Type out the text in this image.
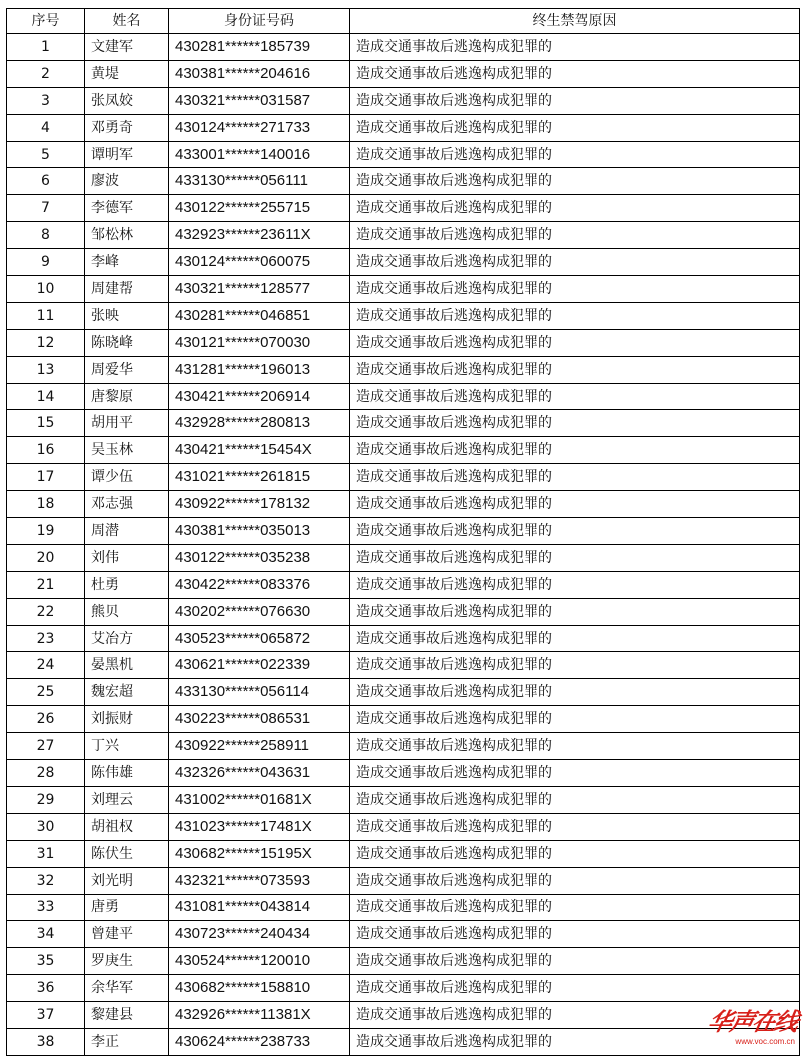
序号	姓名	身份证号码	终生禁驾原因
1	文建军	430281******185739	造成交通事故后逃逸构成犯罪的
2	黄堤	430381******204616	造成交通事故后逃逸构成犯罪的
3	张凤姣	430321******031587	造成交通事故后逃逸构成犯罪的
4	邓勇奇	430124******271733	造成交通事故后逃逸构成犯罪的
5	谭明军	433001******140016	造成交通事故后逃逸构成犯罪的
6	廖波	433130******056111	造成交通事故后逃逸构成犯罪的
7	李德军	430122******255715	造成交通事故后逃逸构成犯罪的
8	邹松林	432923******23611X	造成交通事故后逃逸构成犯罪的
9	李峰	430124******060075	造成交通事故后逃逸构成犯罪的
10	周建帮	430321******128577	造成交通事故后逃逸构成犯罪的
11	张映	430281******046851	造成交通事故后逃逸构成犯罪的
12	陈晓峰	430121******070030	造成交通事故后逃逸构成犯罪的
13	周爱华	431281******196013	造成交通事故后逃逸构成犯罪的
14	唐黎原	430421******206914	造成交通事故后逃逸构成犯罪的
15	胡用平	432928******280813	造成交通事故后逃逸构成犯罪的
16	吴玉林	430421******15454X	造成交通事故后逃逸构成犯罪的
17	谭少伍	431021******261815	造成交通事故后逃逸构成犯罪的
18	邓志强	430922******178132	造成交通事故后逃逸构成犯罪的
19	周潜	430381******035013	造成交通事故后逃逸构成犯罪的
20	刘伟	430122******035238	造成交通事故后逃逸构成犯罪的
21	杜勇	430422******083376	造成交通事故后逃逸构成犯罪的
22	熊贝	430202******076630	造成交通事故后逃逸构成犯罪的
23	艾冶方	430523******065872	造成交通事故后逃逸构成犯罪的
24	晏黑机	430621******022339	造成交通事故后逃逸构成犯罪的
25	魏宏超	433130******056114	造成交通事故后逃逸构成犯罪的
26	刘振财	430223******086531	造成交通事故后逃逸构成犯罪的
27	丁兴	430922******258911	造成交通事故后逃逸构成犯罪的
28	陈伟雄	432326******043631	造成交通事故后逃逸构成犯罪的
29	刘理云	431002******01681X	造成交通事故后逃逸构成犯罪的
30	胡祖权	431023******17481X	造成交通事故后逃逸构成犯罪的
31	陈伏生	430682******15195X	造成交通事故后逃逸构成犯罪的
32	刘光明	432321******073593	造成交通事故后逃逸构成犯罪的
33	唐勇	431081******043814	造成交通事故后逃逸构成犯罪的
34	曾建平	430723******240434	造成交通事故后逃逸构成犯罪的
35	罗庚生	430524******120010	造成交通事故后逃逸构成犯罪的
36	余华军	430682******158810	造成交通事故后逃逸构成犯罪的
37	黎建县	432926******11381X	造成交通事故后逃逸构成犯罪的
38	李正	430624******238733	造成交通事故后逃逸构成犯罪的
华声在线
www.voc.com.cn
